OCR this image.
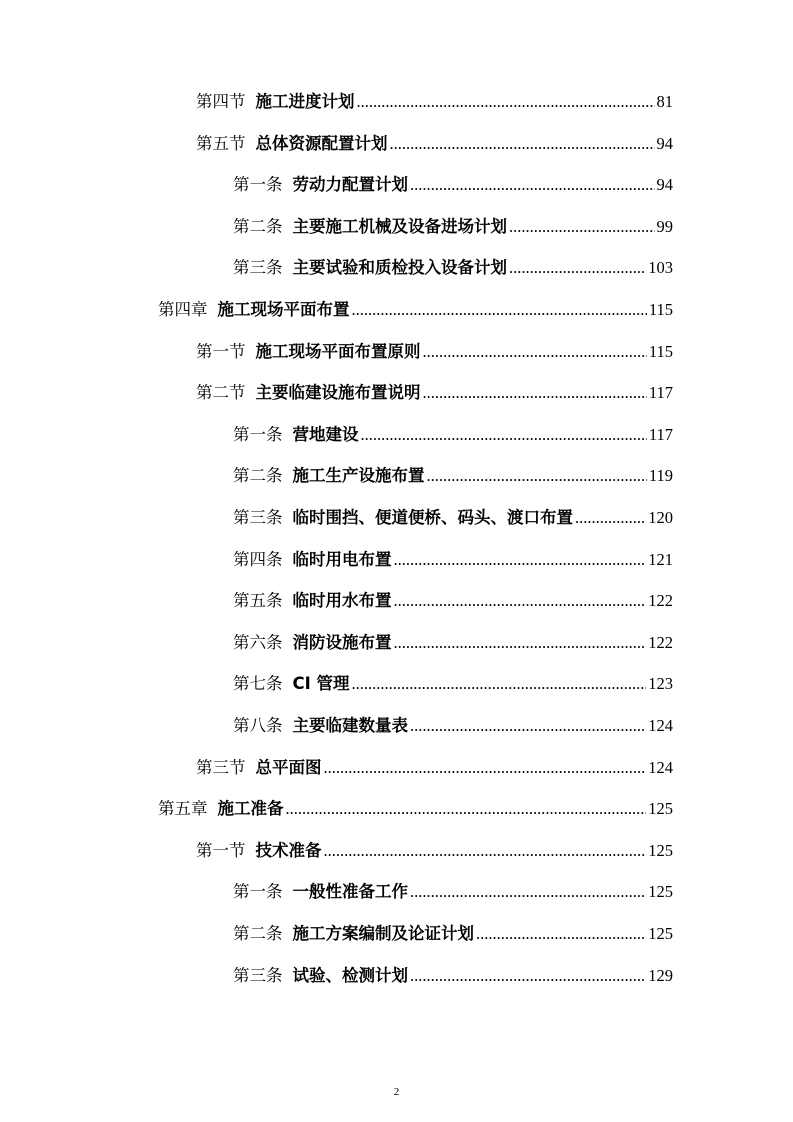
第四节 施工进度计划 .....	81
第五节 总体资源配置计划 .....	94
第一条 劳动力配置计划 .....	94
第二条 主要施工机械及设备进场计划 .....	99
第三条 主要试验和质检投入设备计划 .....	103
第四章 施工现场平面布置 .....	115
第一节 施工现场平面布置原则 .....	115
第二节 主要临建设施布置说明 .....	117
第一条 营地建设 .....	117
第二条 施工生产设施布置 .....	119
第三条 临时围挡、便道便桥、码头、渡口布置 .....	120
第四条 临时用电布置 .....	121
第五条 临时用水布置 .....	122
第六条 消防设施布置 .....	122
第七条 CI 管理 .....	123
第八条 主要临建数量表 .....	124
第三节 总平面图 .....	124
第五章 施工准备 .....	125
第一节 技术准备 .....	125
第一条 一般性准备工作 .....	125
第二条 施工方案编制及论证计划 .....	125
第三条 试验、检测计划 .....	129
2
